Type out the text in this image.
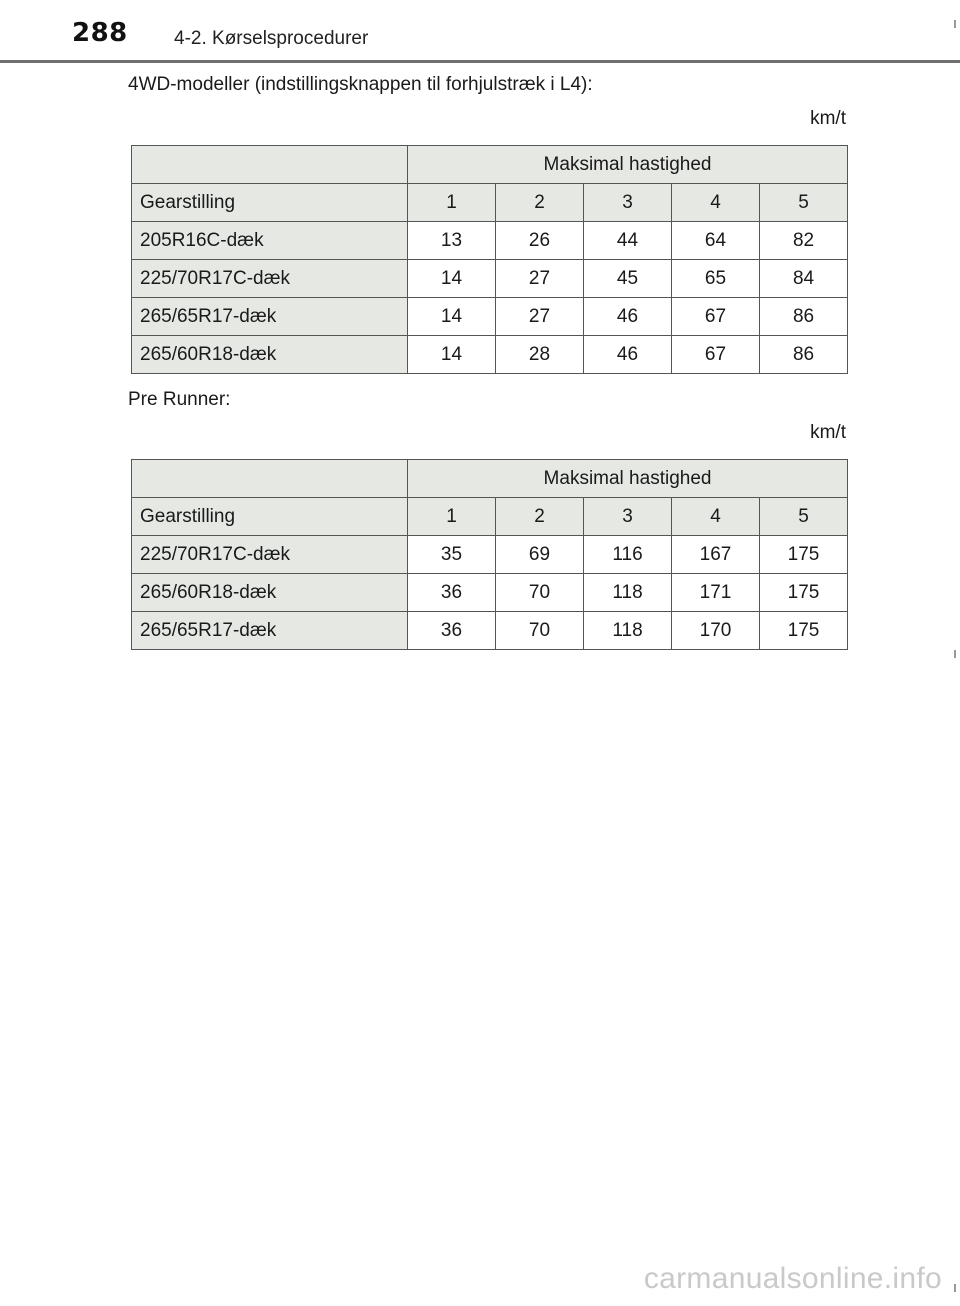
288 4-2. Kørselsprocedurer
4WD-modeller (indstillingsknappen til forhjulstræk i L4):
km/t
	Maksimal hastighed				
Gearstilling	1	2	3	4	5
205R16C-dæk	13	26	44	64	82
225/70R17C-dæk	14	27	45	65	84
265/65R17-dæk	14	27	46	67	86
265/60R18-dæk	14	28	46	67	86
Pre Runner:
km/t
	Maksimal hastighed				
Gearstilling	1	2	3	4	5
225/70R17C-dæk	35	69	116	167	175
265/60R18-dæk	36	70	118	171	175
265/65R17-dæk	36	70	118	170	175
carmanualsonline.info
